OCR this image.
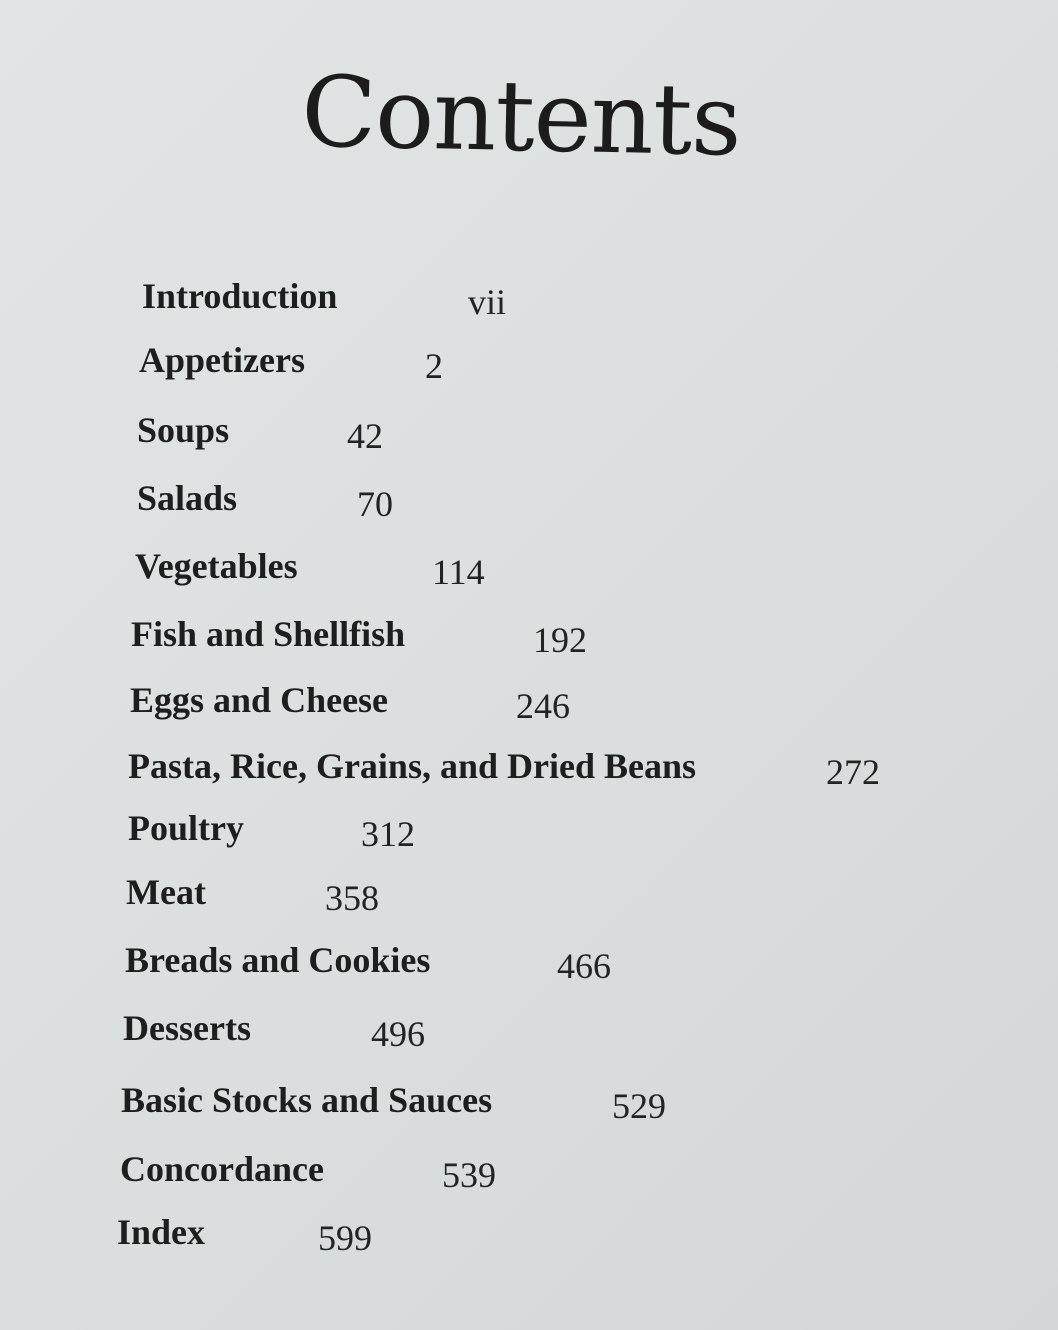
Contents
Introduction	vii
Appetizers	2
Soups	42
Salads	70
Vegetables	114
Fish and Shellfish	192
Eggs and Cheese	246
Pasta, Rice, Grains, and Dried Beans	272
Poultry	312
Meat	358
Breads and Cookies	466
Desserts	496
Basic Stocks and Sauces	529
Concordance	539
Index	599
